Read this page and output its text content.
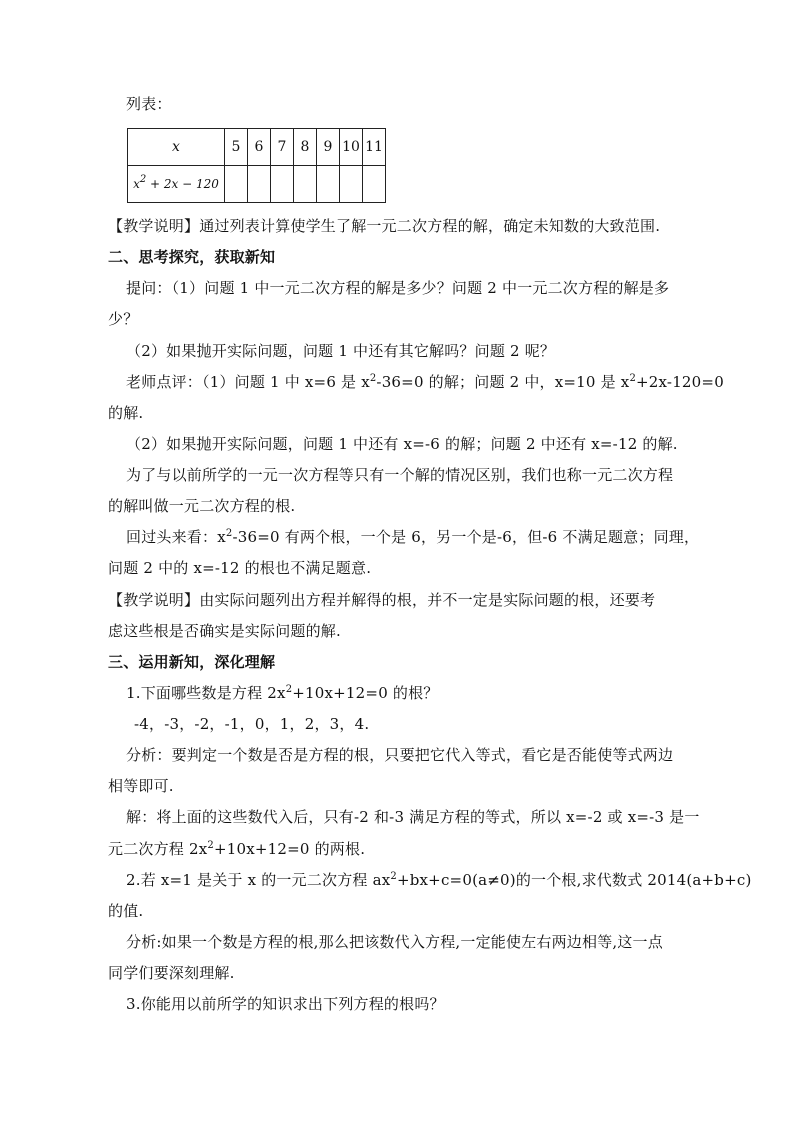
列表：
x	5	6	7	8	9	10	11
$x^2 + 2x - 120$							
【教学说明】通过列表计算使学生了解一元二次方程的解，确定未知数的大致范围.
二、思考探究，获取新知
提问：（1）问题 1 中一元二次方程的解是多少？问题 2 中一元二次方程的解是多
少？
（2）如果抛开实际问题，问题 1 中还有其它解吗？问题 2 呢？
老师点评：（1）问题 1 中 x=6 是 $x^2-36=0$ 的解；问题 2 中，x=10 是 $x^2+2x-120=0$
的解.
（2）如果抛开实际问题，问题 1 中还有 x=-6 的解；问题 2 中还有 x=-12 的解.
为了与以前所学的一元一次方程等只有一个解的情况区别，我们也称一元二次方程
的解叫做一元二次方程的根.
回过头来看：$x^2-36=0$ 有两个根，一个是 6，另一个是-6，但-6 不满足题意；同理，
问题 2 中的 x=-12 的根也不满足题意.
【教学说明】由实际问题列出方程并解得的根，并不一定是实际问题的根，还要考
虑这些根是否确实是实际问题的解.
三、运用新知，深化理解
1.下面哪些数是方程 $2x^2+10x+12=0$ 的根？
-4，-3，-2，-1，0，1，2，3，4.
分析：要判定一个数是否是方程的根，只要把它代入等式，看它是否能使等式两边
相等即可.
解：将上面的这些数代入后，只有-2 和-3 满足方程的等式，所以 x=-2 或 x=-3 是一
元二次方程 $2x^2+10x+12=0$ 的两根.
2.若 x=1 是关于 x 的一元二次方程 $ax^2+bx+c=0(a\ne 0)$的一个根,求代数式 2014(a+b+c)
的值.
分析:如果一个数是方程的根,那么把该数代入方程,一定能使左右两边相等,这一点
同学们要深刻理解.
3.你能用以前所学的知识求出下列方程的根吗？
